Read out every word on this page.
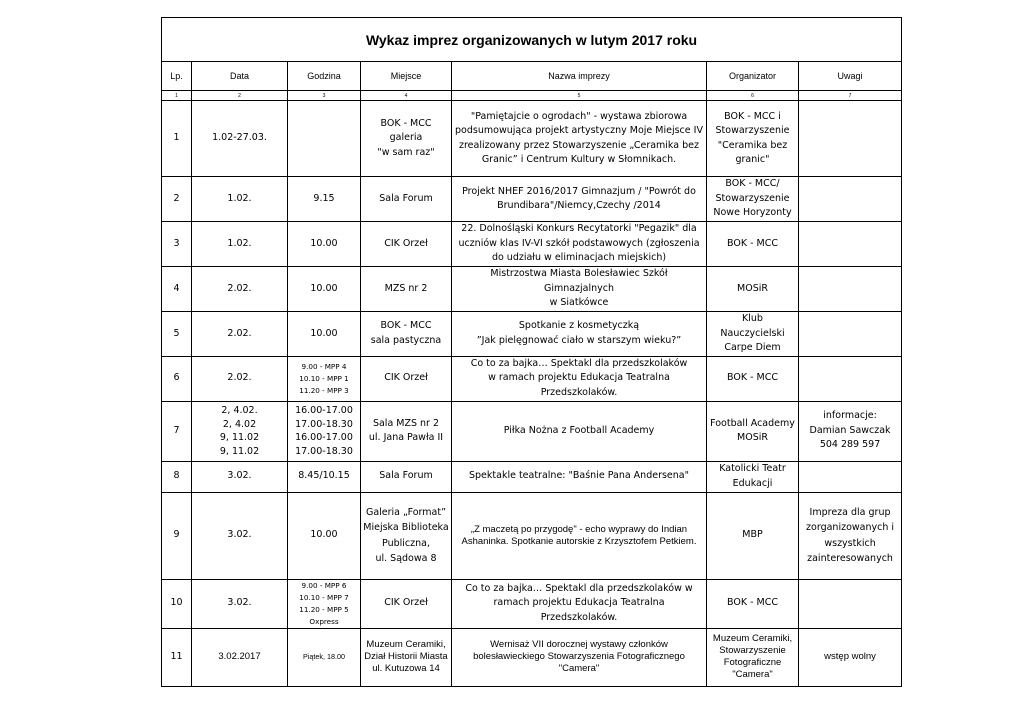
Wykaz imprez organizowanych w lutym 2017 roku						
Lp.	Data	Godzina	Miejsce	Nazwa imprezy	Organizator	Uwagi
1	2	3	4	5	6	7
1	1.02-27.03.		BOK - MCC galeria
"w sam raz"	"Pamiętajcie o ogrodach" - wystawa zbiorowa podsumowująca projekt artystyczny Moje Miejsce IV zrealizowany przez Stowarzyszenie „Ceramika bez Granic” i Centrum Kultury w Słomnikach.	BOK - MCC i
Stowarzyszenie
"Ceramika bez
granic"	
2	1.02.	9.15	Sala Forum	Projekt NHEF 2016/2017 Gimnazjum / "Powrót do Brundibara"/Niemcy,Czechy /2014	BOK - MCC/
Stowarzyszenie
Nowe Horyzonty	
3	1.02.	10.00	CIK Orzeł	22. Dolnośląski Konkurs Recytatorki "Pegazik" dla uczniów klas IV-VI szkół podstawowych (zgłoszenia do udziału w eliminacjach miejskich)	BOK - MCC	
4	2.02.	10.00	MZS nr 2	Mistrzostwa Miasta Bolesławiec Szkół
Gimnazjalnych
w Siatkówce	MOSiR	
5	2.02.	10.00	BOK - MCC
sala pastyczna	Spotkanie z kosmetyczką
”Jak pielęgnować ciało w starszym wieku?”	Klub
Nauczycielski
Carpe Diem	
6	2.02.	9.00 - MPP 4
10.10 - MPP 1
11.20 - MPP 3	CIK Orzeł	Co to za bajka… Spektakl dla przedszkolaków
w ramach projektu Edukacja Teatralna
Przedszkolaków.	BOK - MCC	
7	2, 4.02.
2, 4.02
9, 11.02
9, 11.02	16.00-17.00
17.00-18.30
16.00-17.00
17.00-18.30	Sala MZS nr 2
ul. Jana Pawła II	Piłka Nożna z Football Academy	Football Academy
MOSiR	informacje:
Damian Sawczak
504 289 597
8	3.02.	8.45/10.15	Sala Forum	Spektakle teatralne: "Baśnie Pana Andersena"	Katolicki Teatr
Edukacji	
9	3.02.	10.00	Galeria „Format”
Miejska Biblioteka
Publiczna,
ul. Sądowa 8	„Z maczetą po przygodę" - echo wyprawy do Indian Ashaninka. Spotkanie autorskie z Krzysztofem Petkiem.	MBP	Impreza dla grup
zorganizowanych i
wszystkich
zainteresowanych
10	3.02.	9.00 - MPP 6
10.10 - MPP 7
11.20 - MPP 5
Oxpress	CIK Orzeł	Co to za bajka… Spektakl dla przedszkolaków w
ramach projektu Edukacja Teatralna
Przedszkolaków.	BOK - MCC	
11	3.02.2017	Piątek, 18.00	Muzeum Ceramiki,
Dział Historii Miasta
ul. Kutuzowa 14	Wernisaż VII dorocznej wystawy członków
bolesławieckiego Stowarzyszenia Fotograficznego
"Camera"	Muzeum Ceramiki,
Stowarzyszenie
Fotograficzne
"Camera"	wstęp wolny
